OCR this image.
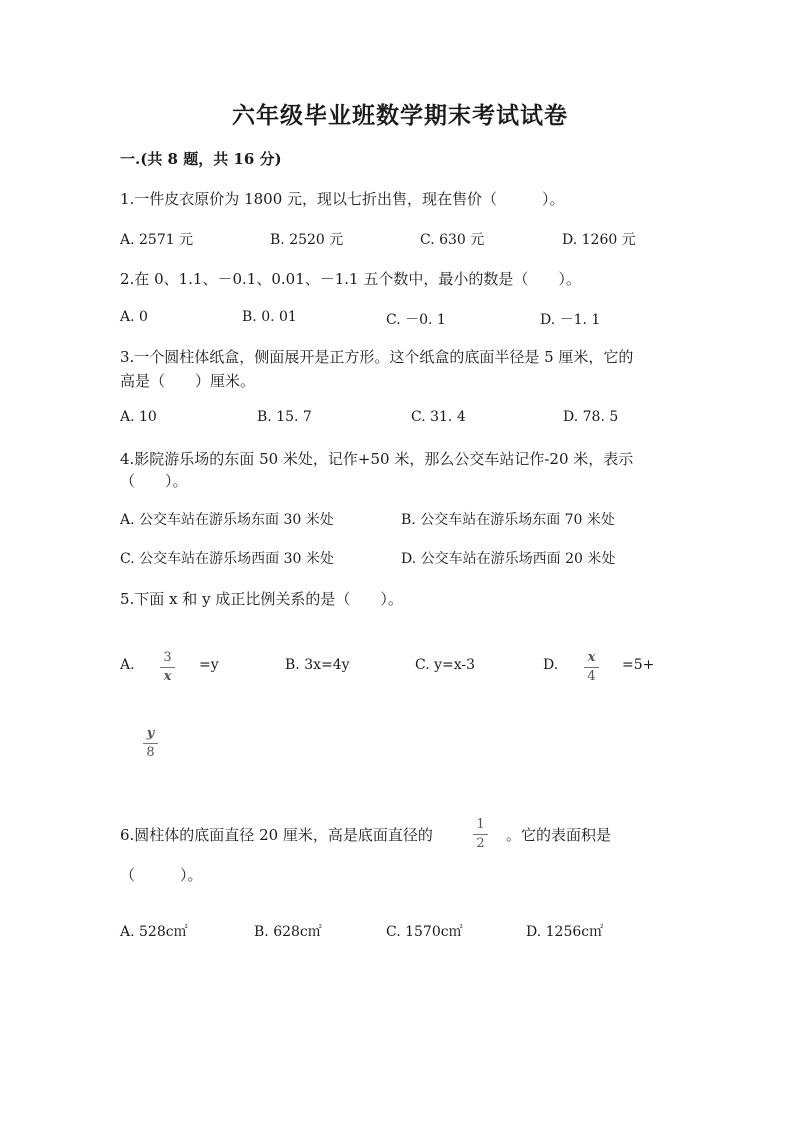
六年级毕业班数学期末考试试卷
一.(共 8 题，共 16 分)
1.一件皮衣原价为 1800 元，现以七折出售，现在售价（　　　）。
A. 2571 元	B. 2520 元	C. 630 元	D. 1260 元
2.在 0、1.1、－0.1、0.01、－1.1 五个数中，最小的数是（　　）。
A. 0	B. 0. 01	C. －0. 1	D. －1. 1
3.一个圆柱体纸盒，侧面展开是正方形。这个纸盒的底面半径是 5 厘米，它的
高是（　　）厘米。
A. 10	B. 15. 7	C. 31. 4	D. 78. 5
4.影院游乐场的东面 50 米处，记作+50 米，那么公交车站记作-20 米，表示
（　　）。
A. 公交车站在游乐场东面 30 米处	B. 公交车站在游乐场东面 70 米处
C. 公交车站在游乐场西面 30 米处	D. 公交车站在游乐场西面 20 米处
5.下面 x 和 y 成正比例关系的是（　　）。
A. 3
x
=y	B. 3x=4y	C. y=x-3	D. x
4
=5+
y
8
6.圆柱体的底面直径 20 厘米，高是底面直径的
1
2 。它的表面积是
（　　　）。
A. 528c㎡	B. 628c㎡	C. 1570c㎡	D. 1256c㎡
